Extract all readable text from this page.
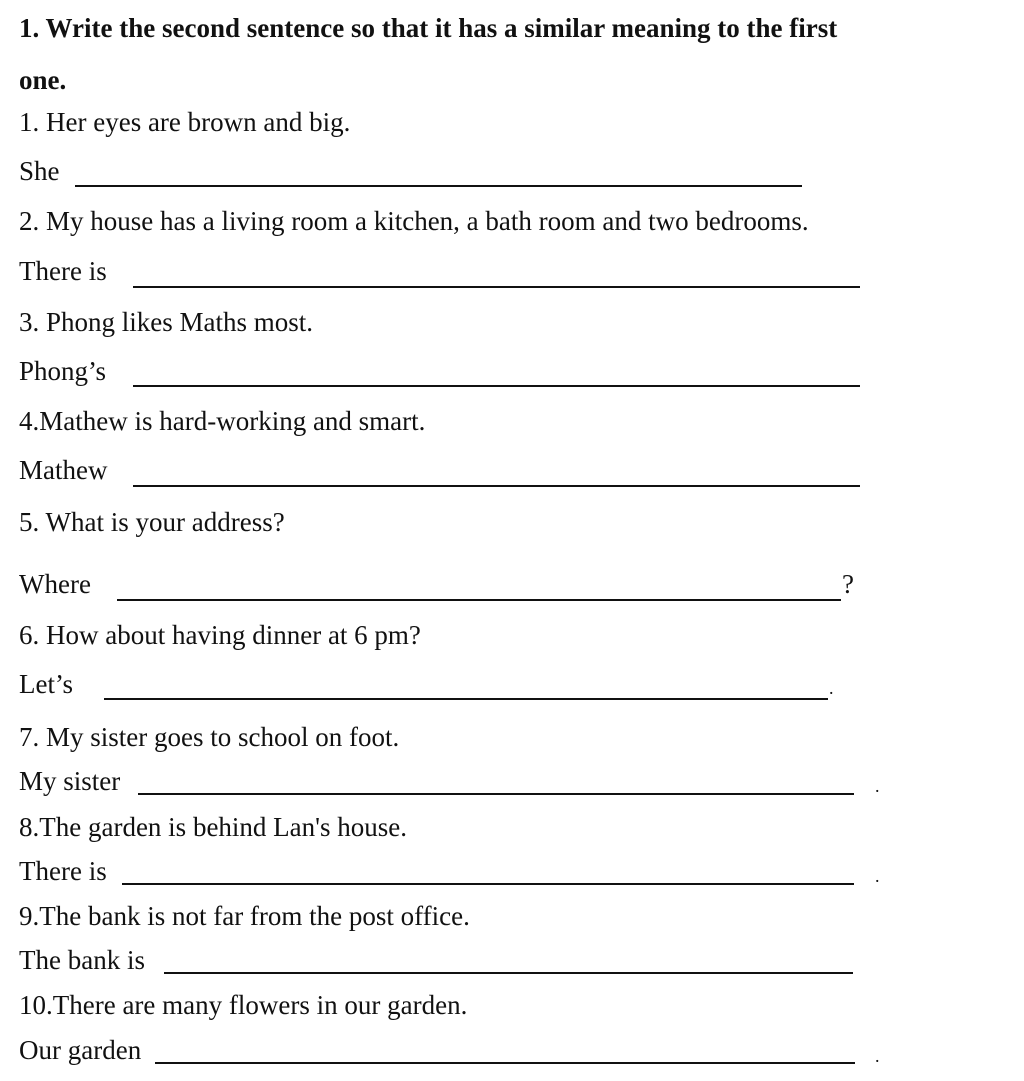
1. Write the second sentence so that it has a similar meaning to the first
one.
1. Her eyes are brown and big.
She
2. My house has a living room a kitchen, a bath room and two bedrooms.
There is
3. Phong likes Maths most.
Phong’s
4.Mathew is hard-working and smart.
Mathew
5. What is your address?
Where	?
6. How about having dinner at 6 pm?
Let’s	.
7. My sister goes to school on foot.
My sister	.
8.The garden is behind Lan's house.
There is	.
9.The bank is not far from the post office.
The bank is
10.There are many flowers in our garden.
Our garden	.
